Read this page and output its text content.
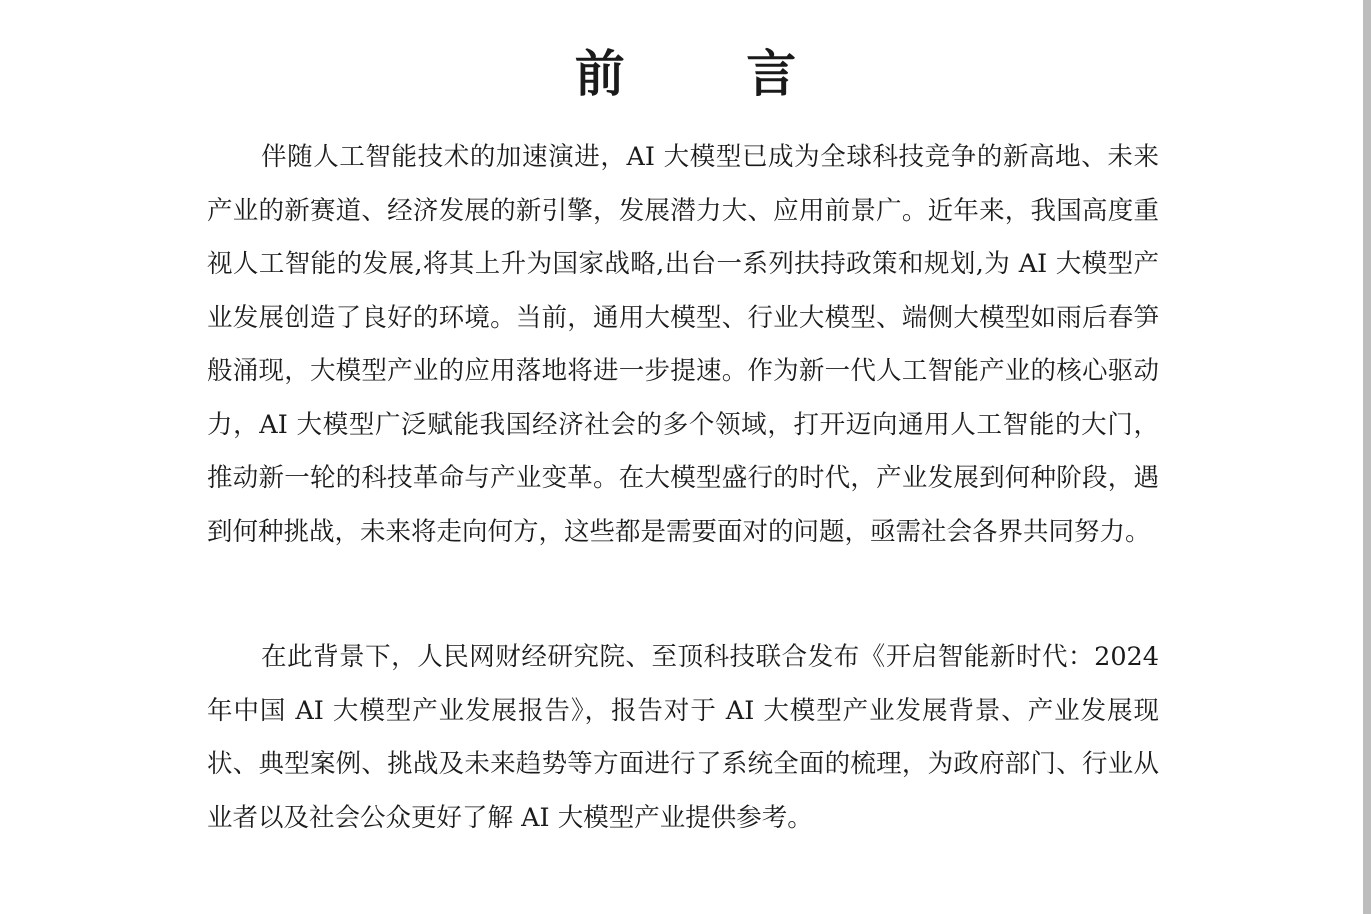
前 言

伴随人工智能技术的加速演进，AI 大模型已成为全球科技竞争的新高地、未来产业的新赛道、经济发展的新引擎，发展潜力大、应用前景广。近年来，我国高度重视人工智能的发展,将其上升为国家战略,出台一系列扶持政策和规划,为 AI 大模型产业发展创造了良好的环境。当前，通用大模型、行业大模型、端侧大模型如雨后春笋般涌现，大模型产业的应用落地将进一步提速。作为新一代人工智能产业的核心驱动力，AI 大模型广泛赋能我国经济社会的多个领域，打开迈向通用人工智能的大门，推动新一轮的科技革命与产业变革。在大模型盛行的时代，产业发展到何种阶段，遇到何种挑战，未来将走向何方，这些都是需要面对的问题，亟需社会各界共同努力。

在此背景下，人民网财经研究院、至顶科技联合发布《开启智能新时代：2024 年中国 AI 大模型产业发展报告》，报告对于 AI 大模型产业发展背景、产业发展现状、典型案例、挑战及未来趋势等方面进行了系统全面的梳理，为政府部门、行业从业者以及社会公众更好了解 AI 大模型产业提供参考。
